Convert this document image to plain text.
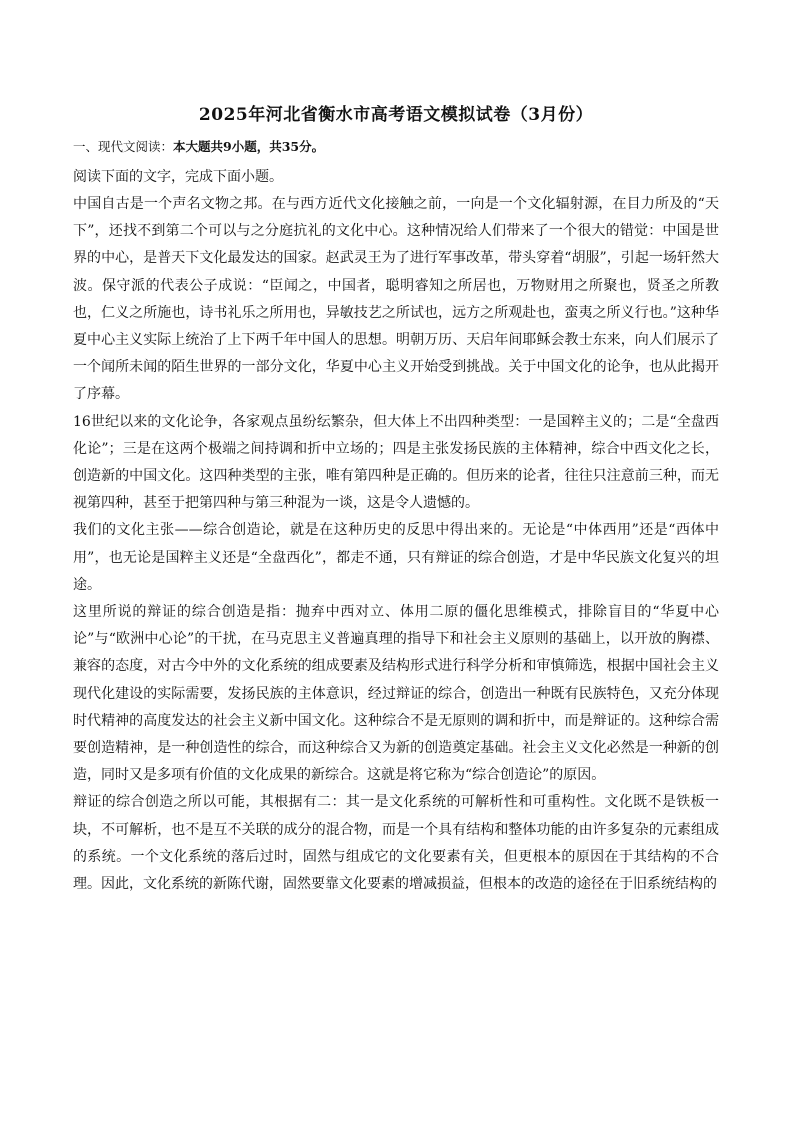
2025年河北省衡水市高考语文模拟试卷（3月份）

一、现代文阅读：本大题共9小题，共35分。

阅读下面的文字，完成下面小题。

中国自古是一个声名文物之邦。在与西方近代文化接触之前，一向是一个文化辐射源，在目力所及的“天下”，还找不到第二个可以与之分庭抗礼的文化中心。这种情况给人们带来了一个很大的错觉：中国是世界的中心，是普天下文化最发达的国家。赵武灵王为了进行军事改革，带头穿着“胡服”，引起一场轩然大波。保守派的代表公子成说：“臣闻之，中国者，聪明睿知之所居也，万物财用之所聚也，贤圣之所教也，仁义之所施也，诗书礼乐之所用也，异敏技艺之所试也，远方之所观赴也，蛮夷之所义行也。”这种华夏中心主义实际上统治了上下两千年中国人的思想。明朝万历、天启年间耶稣会教士东来，向人们展示了一个闻所未闻的陌生世界的一部分文化，华夏中心主义开始受到挑战。关于中国文化的论争，也从此揭开了序幕。

16世纪以来的文化论争，各家观点虽纷纭繁杂，但大体上不出四种类型：一是国粹主义的；二是“全盘西化论”；三是在这两个极端之间持调和折中立场的；四是主张发扬民族的主体精神，综合中西文化之长，创造新的中国文化。这四种类型的主张，唯有第四种是正确的。但历来的论者，往往只注意前三种，而无视第四种，甚至于把第四种与第三种混为一谈，这是令人遗憾的。

我们的文化主张——综合创造论，就是在这种历史的反思中得出来的。无论是“中体西用”还是“西体中用”，也无论是国粹主义还是“全盘西化”，都走不通，只有辩证的综合创造，才是中华民族文化复兴的坦途。

这里所说的辩证的综合创造是指：抛弃中西对立、体用二原的僵化思维模式，排除盲目的“华夏中心论”与“欧洲中心论”的干扰，在马克思主义普遍真理的指导下和社会主义原则的基础上，以开放的胸襟、兼容的态度，对古今中外的文化系统的组成要素及结构形式进行科学分析和审慎筛选，根据中国社会主义现代化建设的实际需要，发扬民族的主体意识，经过辩证的综合，创造出一种既有民族特色，又充分体现时代精神的高度发达的社会主义新中国文化。这种综合不是无原则的调和折中，而是辩证的。这种综合需要创造精神，是一种创造性的综合，而这种综合又为新的创造奠定基础。社会主义文化必然是一种新的创造，同时又是多项有价值的文化成果的新综合。这就是将它称为“综合创造论”的原因。

辩证的综合创造之所以可能，其根据有二：其一是文化系统的可解析性和可重构性。文化既不是铁板一块，不可解析，也不是互不关联的成分的混合物，而是一个具有结构和整体功能的由许多复杂的元素组成的系统。一个文化系统的落后过时，固然与组成它的文化要素有关，但更根本的原因在于其结构的不合理。因此，文化系统的新陈代谢，固然要靠文化要素的增减损益，但根本的改造的途径在于旧系统结构的
